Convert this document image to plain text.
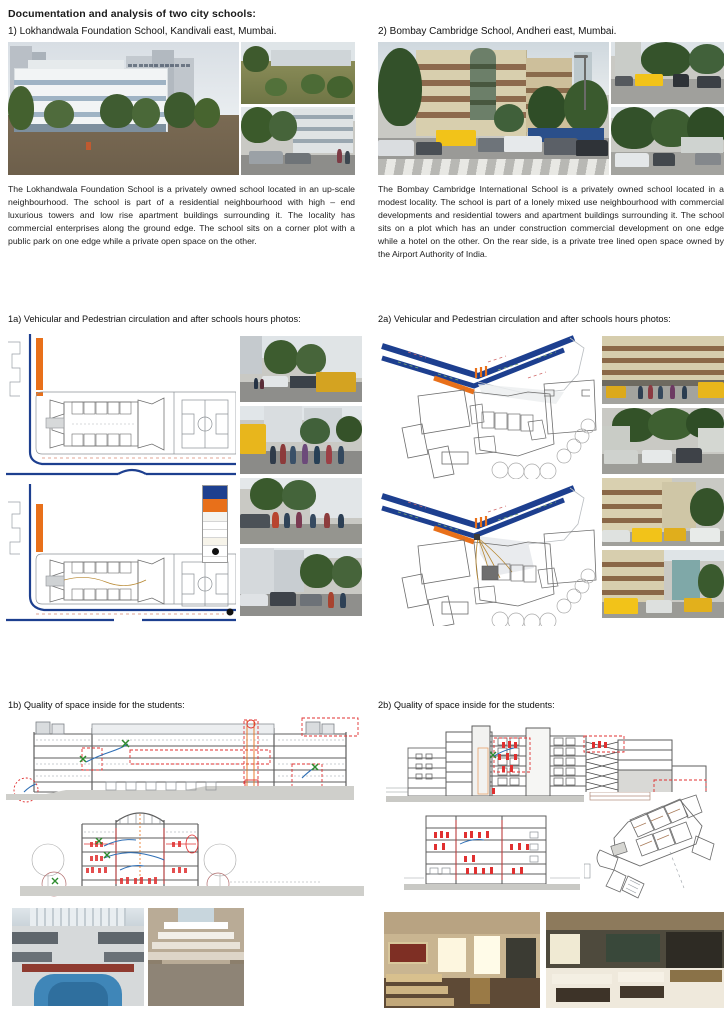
Documentation and analysis of two city schools:
1) Lokhandwala Foundation School, Kandivali east, Mumbai.	2) Bombay Cambridge School, Andheri east, Mumbai.
The Lokhandwala Foundation School is a privately owned school located in an up-scale neighbourhood. The school is part of a residential neighbourhood with high – end luxurious towers and low rise apartment buildings surrounding it. The locality has commercial enterprises along the ground edge. The school sits on a corner plot with a public park on one edge while a private open space on the other.
The Bombay Cambridge International School is a privately owned school located in a modest locality. The school is part of a lonely mixed use neighbourhood with commercial developments and residential towers and apartment buildings surrounding it. The school sits on a plot which has an under construction commercial development on one edge while a hotel on the other. On the rear side, is a private tree lined open space owned by the Airport Authority of India.
1a) Vehicular and Pedestrian circulation and after schools hours photos:	2a) Vehicular and Pedestrian circulation and after schools hours photos:
1b) Quality of space inside for the students:	2b) Quality of space inside for the students:
